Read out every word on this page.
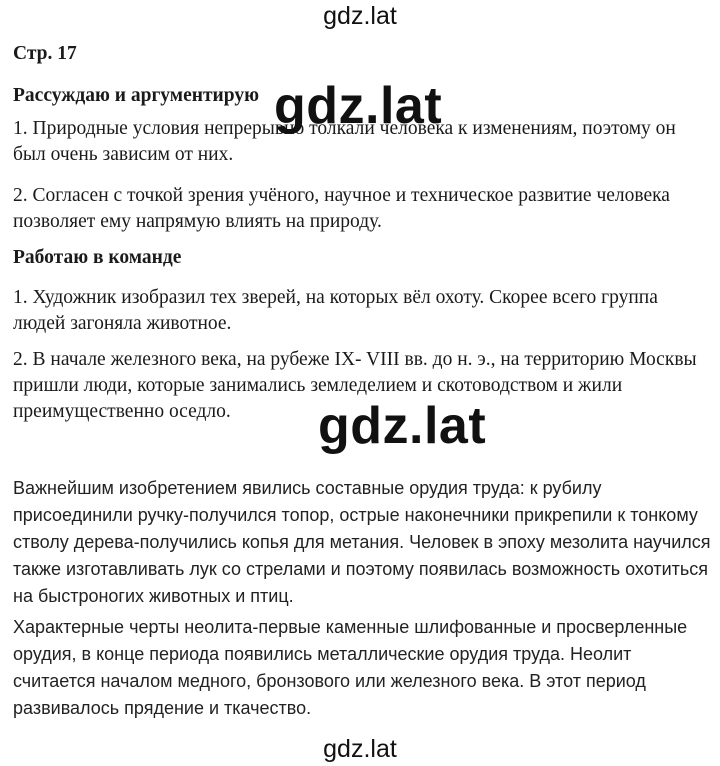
gdz.lat
Стр. 17
Рассуждаю и аргументирую gdz.lat

1. Природные условия непрерывно толкали человека к изменениям, поэтому он был очень зависим от них.

2. Согласен с точкой зрения учёного, научное и техническое развитие человека позволяет ему напрямую влиять на природу.

Работаю в команде

1. Художник изобразил тех зверей, на которых вёл охоту. Скорее всего группа людей загоняла животное.

2. В начале железного века, на рубеже IX- VIII вв. до н. э., на территорию Москвы пришли люди, которые занимались земледелием и скотоводством и жили преимущественно оседло.	gdz.lat

Важнейшим изобретением явились составные орудия труда: к рубилу присоединили ручку-получился топор, острые наконечники прикрепили к тонкому стволу дерева-получились копья для метания. Человек в эпоху мезолита научился также изготавливать лук со стрелами и поэтому появилась возможность охотиться на быстроногих животных и птиц.

Характерные черты неолита-первые каменные шлифованные и просверленные орудия, в конце периода появились металлические орудия труда. Неолит считается началом медного, бронзового или железного века. В этот период развивалось прядение и ткачество.

gdz.lat
